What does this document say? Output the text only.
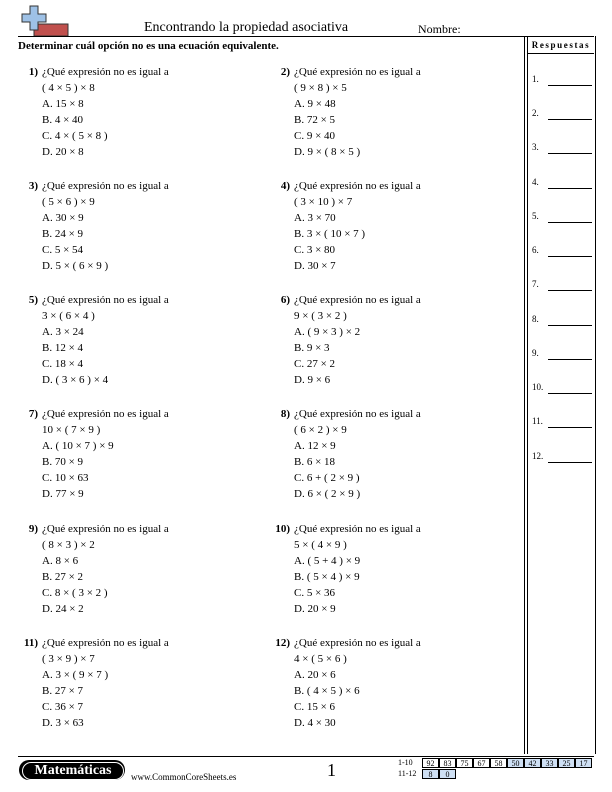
Encontrando la propiedad asociativa	Nombre:
Determinar cuál opción no es una ecuación equivalente.	Respuestas
1.
2.
3.
4.
5.
6.
7.
8.
9.
10.
11.
12.
1) ¿Qué expresión no es igual a
( 4 × 5 ) × 8
A. 15 × 8
B. 4 × 40
C. 4 × ( 5 × 8 )
D. 20 × 8
2) ¿Qué expresión no es igual a
( 9 × 8 ) × 5
A. 9 × 48
B. 72 × 5
C. 9 × 40
D. 9 × ( 8 × 5 )
3) ¿Qué expresión no es igual a
( 5 × 6 ) × 9
A. 30 × 9
B. 24 × 9
C. 5 × 54
D. 5 × ( 6 × 9 )
4) ¿Qué expresión no es igual a
( 3 × 10 ) × 7
A. 3 × 70
B. 3 × ( 10 × 7 )
C. 3 × 80
D. 30 × 7
5) ¿Qué expresión no es igual a
3 × ( 6 × 4 )
A. 3 × 24
B. 12 × 4
C. 18 × 4
D. ( 3 × 6 ) × 4
6) ¿Qué expresión no es igual a
9 × ( 3 × 2 )
A. ( 9 × 3 ) × 2
B. 9 × 3
C. 27 × 2
D. 9 × 6
7) ¿Qué expresión no es igual a
10 × ( 7 × 9 )
A. ( 10 × 7 ) × 9
B. 70 × 9
C. 10 × 63
D. 77 × 9
8) ¿Qué expresión no es igual a
( 6 × 2 ) × 9
A. 12 × 9
B. 6 × 18
C. 6 + ( 2 × 9 )
D. 6 × ( 2 × 9 )
9) ¿Qué expresión no es igual a
( 8 × 3 ) × 2
A. 8 × 6
B. 27 × 2
C. 8 × ( 3 × 2 )
D. 24 × 2
10) ¿Qué expresión no es igual a
5 × ( 4 × 9 )
A. ( 5 + 4 ) × 9
B. ( 5 × 4 ) × 9
C. 5 × 36
D. 20 × 9
11) ¿Qué expresión no es igual a
( 3 × 9 ) × 7
A. 3 × ( 9 × 7 )
B. 27 × 7
C. 36 × 7
D. 3 × 63
12) ¿Qué expresión no es igual a
4 × ( 5 × 6 )
A. 20 × 6
B. ( 4 × 5 ) × 6
C. 15 × 6
D. 4 × 30
Matemáticas	www.CommonCoreSheets.es	1	1-10	92	83	75	67	58	50	42	33	25	17
11-12	8	0
